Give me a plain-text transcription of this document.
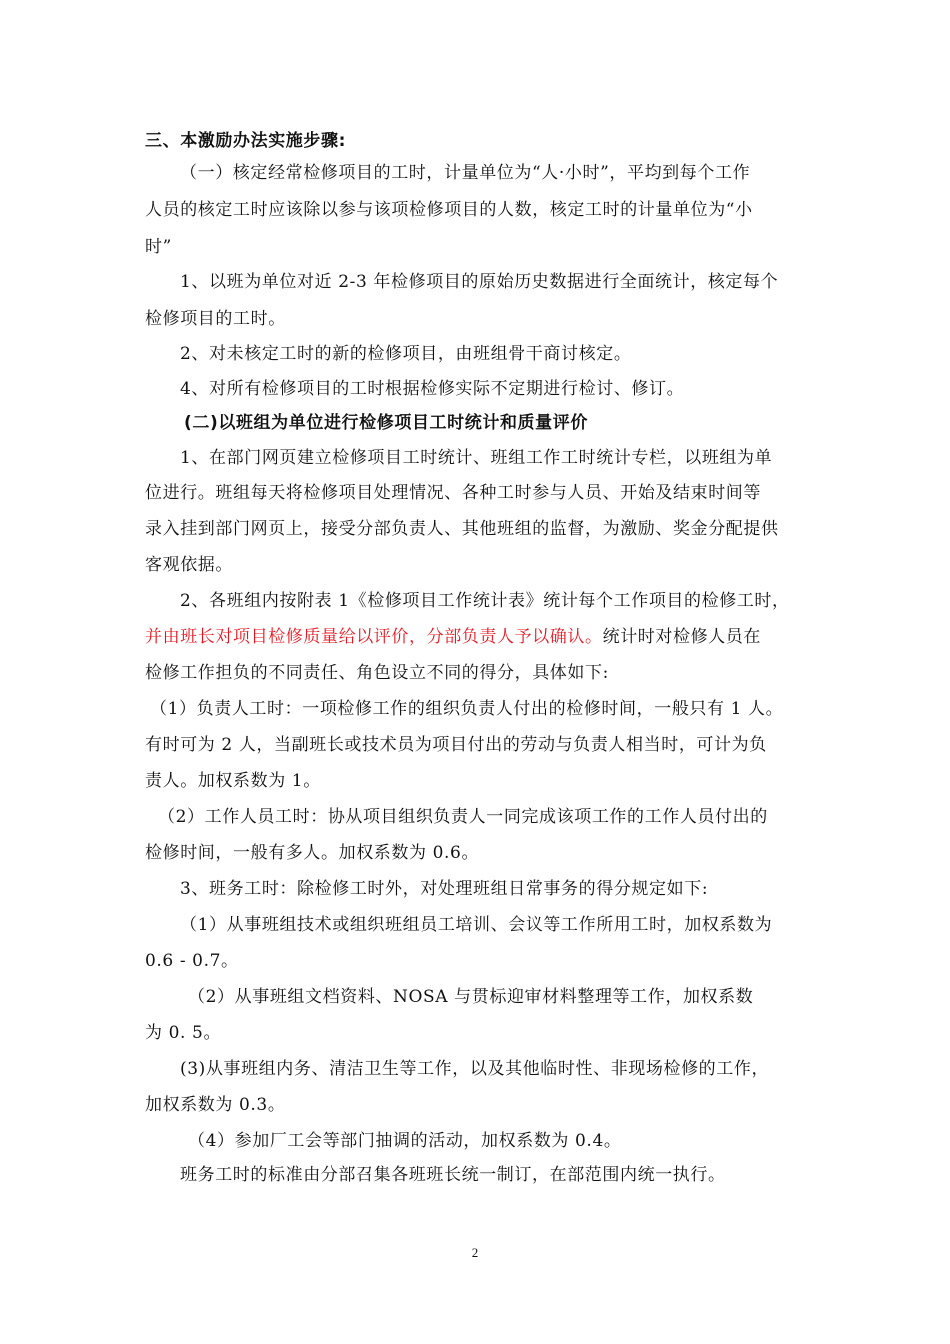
三、本激励办法实施步骤:
（一）核定经常检修项目的工时，计量单位为“人·小时”，平均到每个工作
人员的核定工时应该除以参与该项检修项目的人数，核定工时的计量单位为“小
时”
1、以班为单位对近 2-3 年检修项目的原始历史数据进行全面统计，核定每个
检修项目的工时。
2、对未核定工时的新的检修项目，由班组骨干商讨核定。
4、对所有检修项目的工时根据检修实际不定期进行检讨、修订。
(二)以班组为单位进行检修项目工时统计和质量评价
1、在部门网页建立检修项目工时统计、班组工作工时统计专栏，以班组为单
位进行。班组每天将检修项目处理情况、各种工时参与人员、开始及结束时间等
录入挂到部门网页上，接受分部负责人、其他班组的监督，为激励、奖金分配提供
客观依据。
2、各班组内按附表 1《检修项目工作统计表》统计每个工作项目的检修工时，
并由班长对项目检修质量给以评价，分部负责人予以确认。统计时对检修人员在
检修工作担负的不同责任、角色设立不同的得分，具体如下:
（1）负责人工时：一项检修工作的组织负责人付出的检修时间，一般只有 1 人。
有时可为 2 人，当副班长或技术员为项目付出的劳动与负责人相当时，可计为负
责人。加权系数为 1。
（2）工作人员工时：协从项目组织负责人一同完成该项工作的工作人员付出的
检修时间，一般有多人。加权系数为 0.6。
3、班务工时：除检修工时外，对处理班组日常事务的得分规定如下:
（1）从事班组技术或组织班组员工培训、会议等工作所用工时，加权系数为
0.6 - 0.7。
（2）从事班组文档资料、NOSA 与贯标迎审材料整理等工作，加权系数
为 0. 5。
(3)从事班组内务、清洁卫生等工作，以及其他临时性、非现场检修的工作，
加权系数为 0.3。
（4）参加厂工会等部门抽调的活动，加权系数为 0.4。
班务工时的标准由分部召集各班班长统一制订，在部范围内统一执行。
2
